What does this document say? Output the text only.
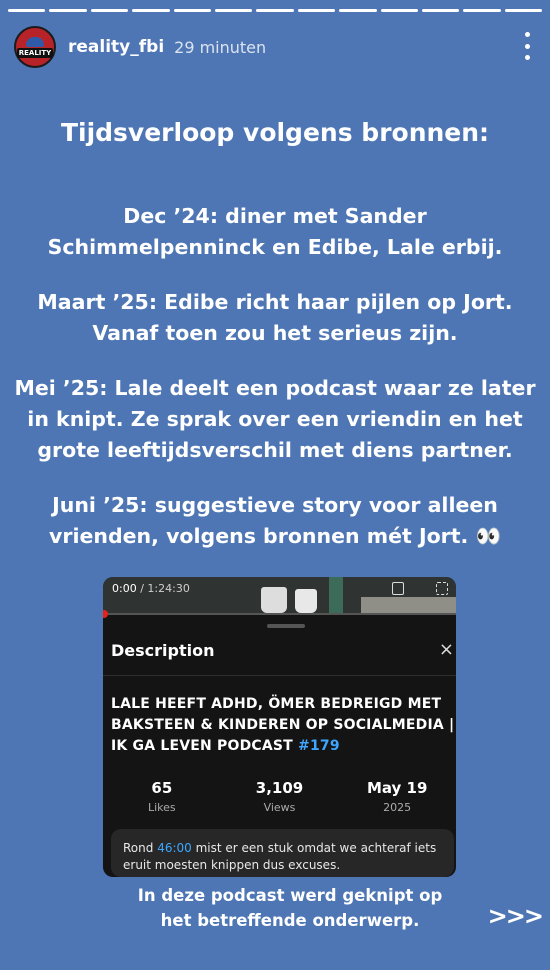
REALITY reality_fbi 29 minuten
Tijdsverloop volgens bronnen:
Dec ’24: diner met Sander
Schimmelpenninck en Edibe, Lale erbij.
Maart ’25: Edibe richt haar pijlen op Jort.
Vanaf toen zou het serieus zijn.
Mei ’25: Lale deelt een podcast waar ze later
in knipt. Ze sprak over een vriendin en het
grote leeftijdsverschil met diens partner.
Juni ’25: suggestieve story voor alleen
vrienden, volgens bronnen mét Jort. 👀
0:00 / 1:24:30
Description	×
LALE HEEFT ADHD, ÖMER BEDREIGD MET
BAKSTEEN & KINDEREN OP SOCIALMEDIA |
IK GA LEVEN PODCAST #179
65
Likes
3,109
Views
May 19
2025
Rond 46:00 mist er een stuk omdat we achteraf iets
eruit moesten knippen dus excuses.
In deze podcast werd geknipt op
het betreffende onderwerp.	>>>
